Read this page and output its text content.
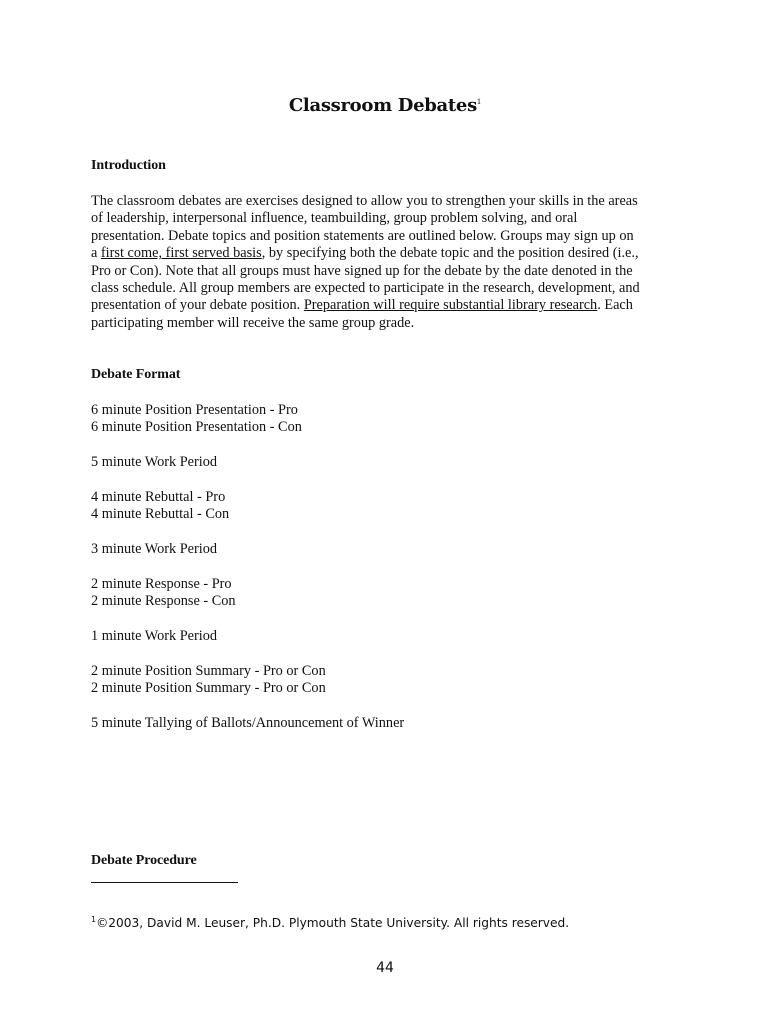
Classroom Debates$^1$
Introduction
The classroom debates are exercises designed to allow you to strengthen your skills in the areas
of leadership, interpersonal influence, teambuilding, group problem solving, and oral
presentation. Debate topics and position statements are outlined below. Groups may sign up on
a first come, first served basis, by specifying both the debate topic and the position desired (i.e.,
Pro or Con). Note that all groups must have signed up for the debate by the date denoted in the
class schedule. All group members are expected to participate in the research, development, and
presentation of your debate position. Preparation will require substantial library research. Each
participating member will receive the same group grade.
Debate Format
6 minute Position Presentation - Pro
6 minute Position Presentation - Con
5 minute Work Period
4 minute Rebuttal - Pro
4 minute Rebuttal - Con
3 minute Work Period
2 minute Response - Pro
2 minute Response - Con
1 minute Work Period
2 minute Position Summary - Pro or Con
2 minute Position Summary - Pro or Con
5 minute Tallying of Ballots/Announcement of Winner
Debate Procedure
$^1$©2003, David M. Leuser, Ph.D. Plymouth State University. All rights reserved.
44
